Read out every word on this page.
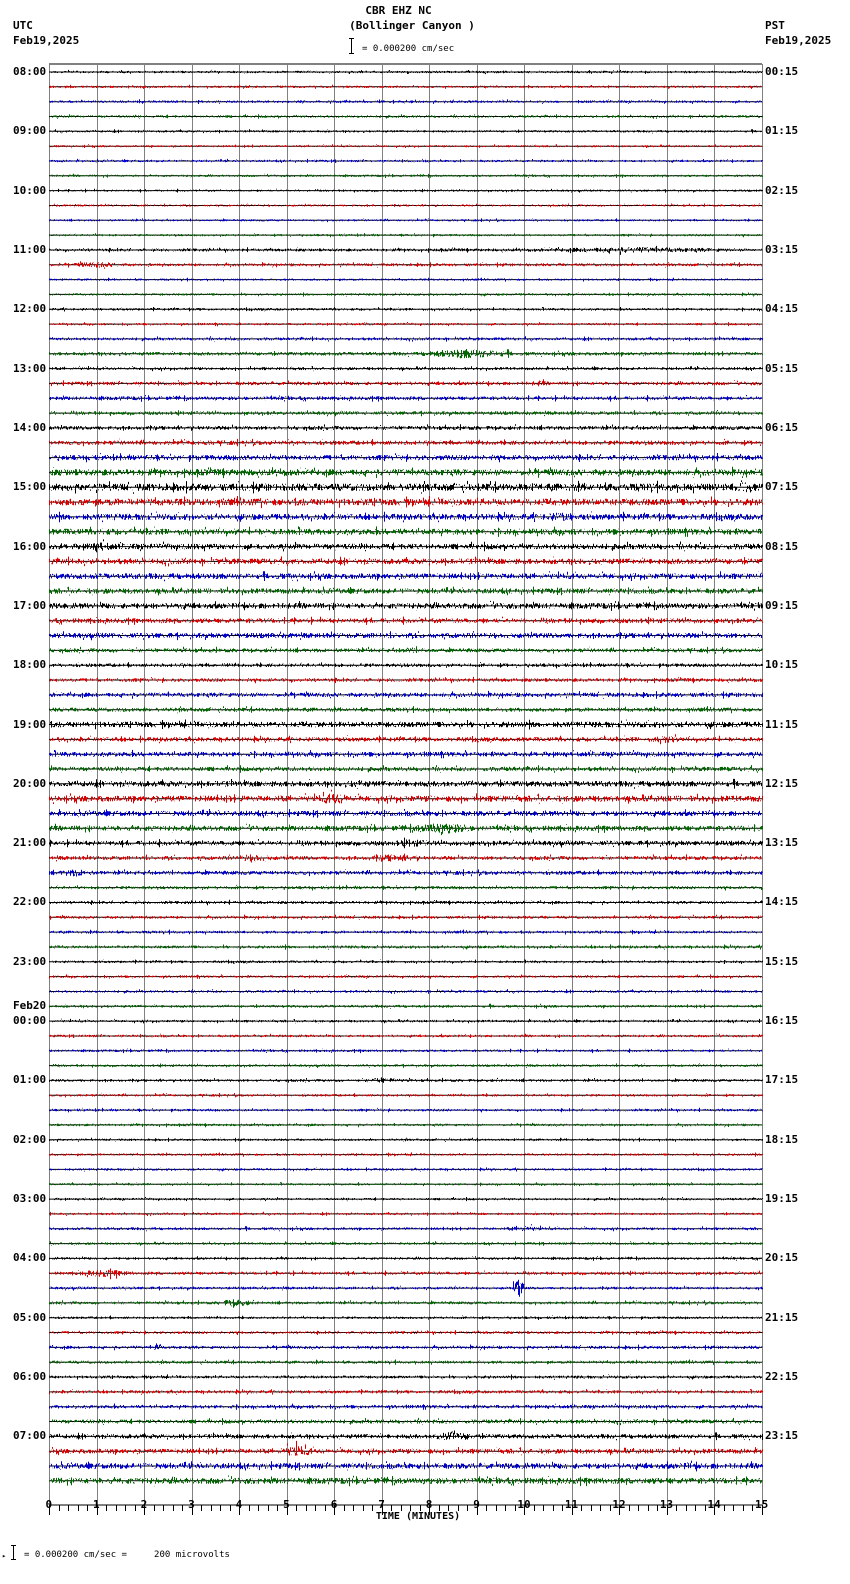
CBR EHZ NC
(Bollinger Canyon )
UTC
Feb19,2025
PST
Feb19,2025
= 0.000200 cm/sec
08:00
09:00
10:00
11:00
12:00
13:00
14:00
15:00
16:00
17:00
18:00
19:00
20:00
21:00
22:00
23:00
Feb20
00:00
01:00
02:00
03:00
04:00
05:00
06:00
07:00
00:15
01:15
02:15
03:15
04:15
05:15
06:15
07:15
08:15
09:15
10:15
11:15
12:15
13:15
14:15
15:15
16:15
17:15
18:15
19:15
20:15
21:15
22:15
23:15
0	1	2	3	4	5	6	7	8	9	10	11	12	13	14	15
TIME (MINUTES)
▸ = 0.000200 cm/sec =     200 microvolts
